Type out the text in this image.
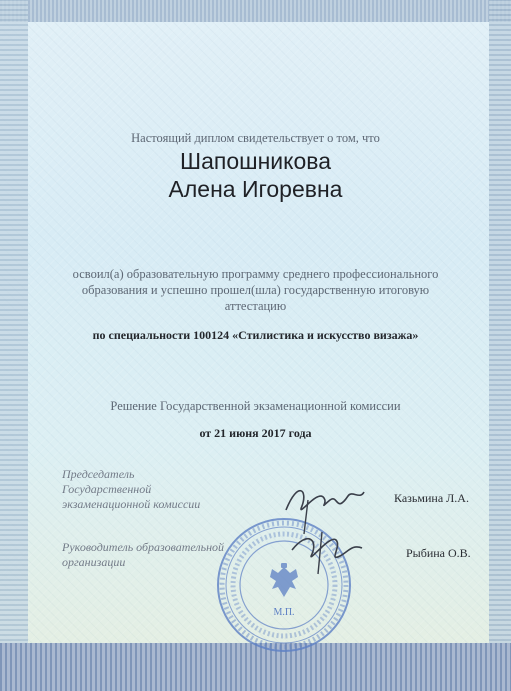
Настоящий диплом свидетельствует о том, что
Шапошникова
Алена Игоревна
освоил(а) образовательную программу среднего профессионального
образования и успешно прошел(шла) государственную итоговую
аттестацию
по специальности 100124 «Стилистика и искусство визажа»
Решение Государственной экзаменационной комиссии
от 21 июня 2017 года
Председатель
Государственной
экзаменационной комиссии	Казьмина Л.А.
Руководитель образовательной
организации
Рыбина О.В.
М.П.
